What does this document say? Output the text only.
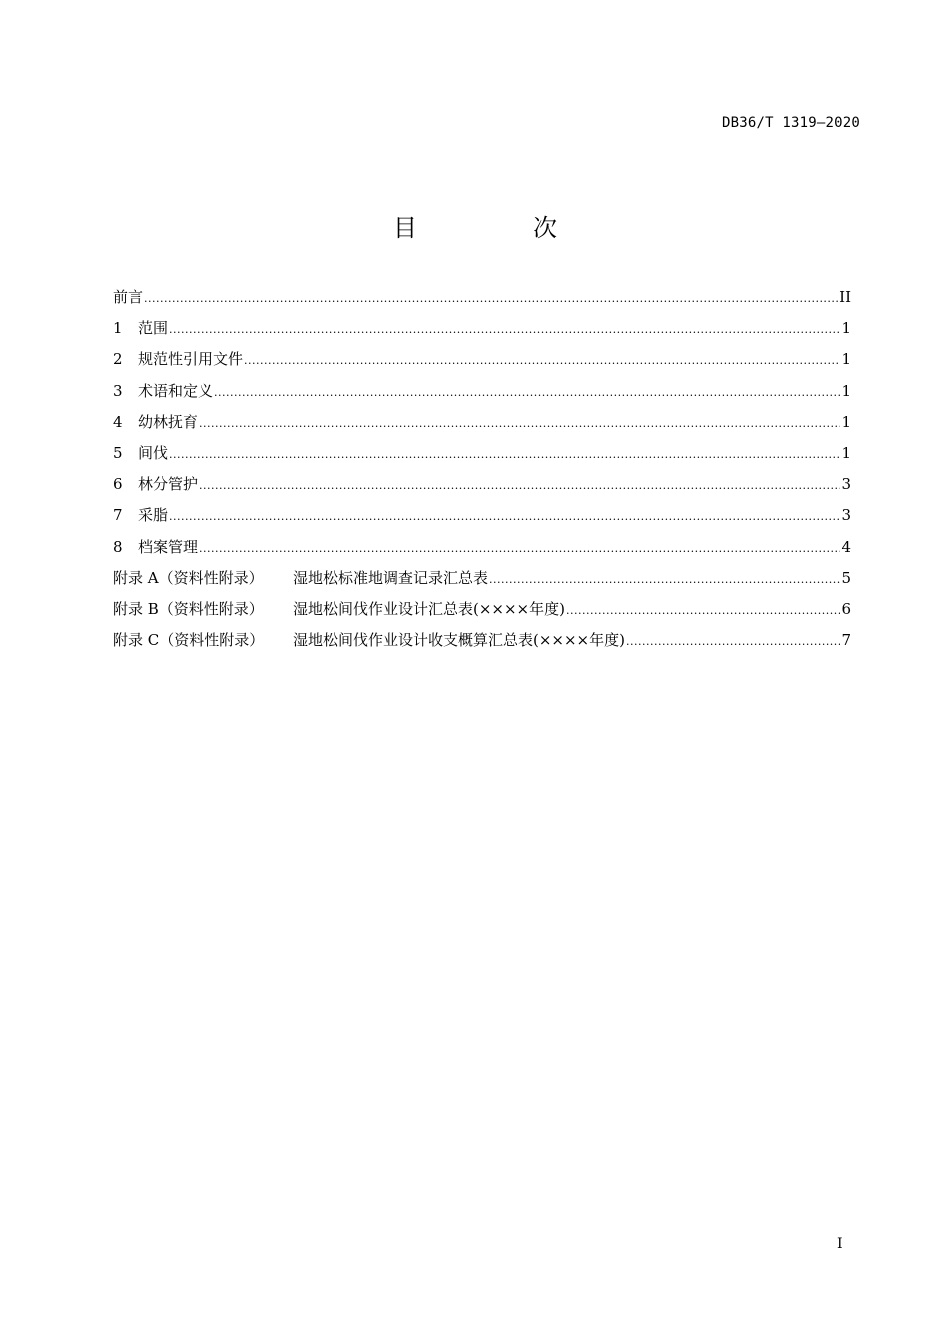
DB36/T 1319—2020
目　次
前言 .....	II
1	范围 .....	1
2	规范性引用文件 .....	1
3	术语和定义 .....	1
4	幼林抚育 .....	1
5	间伐 .....	1
6	林分管护 .....	3
7	采脂 .....	3
8	档案管理 .....	4
附录 A（资料性附录）	湿地松标准地调查记录汇总表 .....	5
附录 B（资料性附录）	湿地松间伐作业设计汇总表(××××年度) .....	6
附录 C（资料性附录）	湿地松间伐作业设计收支概算汇总表(××××年度) .....	7
I
